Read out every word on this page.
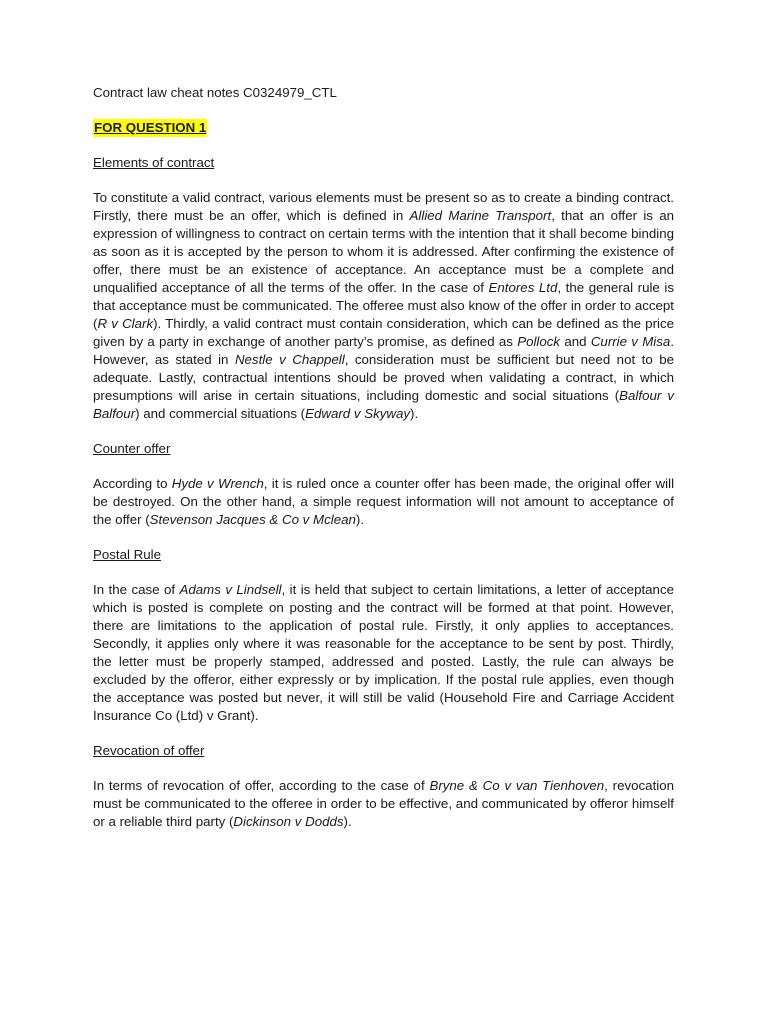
Contract law cheat notes C0324979_CTL
FOR QUESTION 1
Elements of contract
To constitute a valid contract, various elements must be present so as to create a binding contract. Firstly, there must be an offer, which is defined in Allied Marine Transport, that an offer is an expression of willingness to contract on certain terms with the intention that it shall become binding as soon as it is accepted by the person to whom it is addressed. After confirming the existence of offer, there must be an existence of acceptance. An acceptance must be a complete and unqualified acceptance of all the terms of the offer. In the case of Entores Ltd, the general rule is that acceptance must be communicated. The offeree must also know of the offer in order to accept (R v Clark). Thirdly, a valid contract must contain consideration, which can be defined as the price given by a party in exchange of another party’s promise, as defined as Pollock and Currie v Misa. However, as stated in Nestle v Chappell, consideration must be sufficient but need not to be adequate. Lastly, contractual intentions should be proved when validating a contract, in which presumptions will arise in certain situations, including domestic and social situations (Balfour v Balfour) and commercial situations (Edward v Skyway).
Counter offer
According to Hyde v Wrench, it is ruled once a counter offer has been made, the original offer will be destroyed. On the other hand, a simple request information will not amount to acceptance of the offer (Stevenson Jacques & Co v Mclean).
Postal Rule
In the case of Adams v Lindsell, it is held that subject to certain limitations, a letter of acceptance which is posted is complete on posting and the contract will be formed at that point. However, there are limitations to the application of postal rule. Firstly, it only applies to acceptances. Secondly, it applies only where it was reasonable for the acceptance to be sent by post. Thirdly, the letter must be properly stamped, addressed and posted. Lastly, the rule can always be excluded by the offeror, either expressly or by implication. If the postal rule applies, even though the acceptance was posted but never, it will still be valid (Household Fire and Carriage Accident Insurance Co (Ltd) v Grant).
Revocation of offer
In terms of revocation of offer, according to the case of Bryne & Co v van Tienhoven, revocation must be communicated to the offeree in order to be effective, and communicated by offeror himself or a reliable third party (Dickinson v Dodds).
